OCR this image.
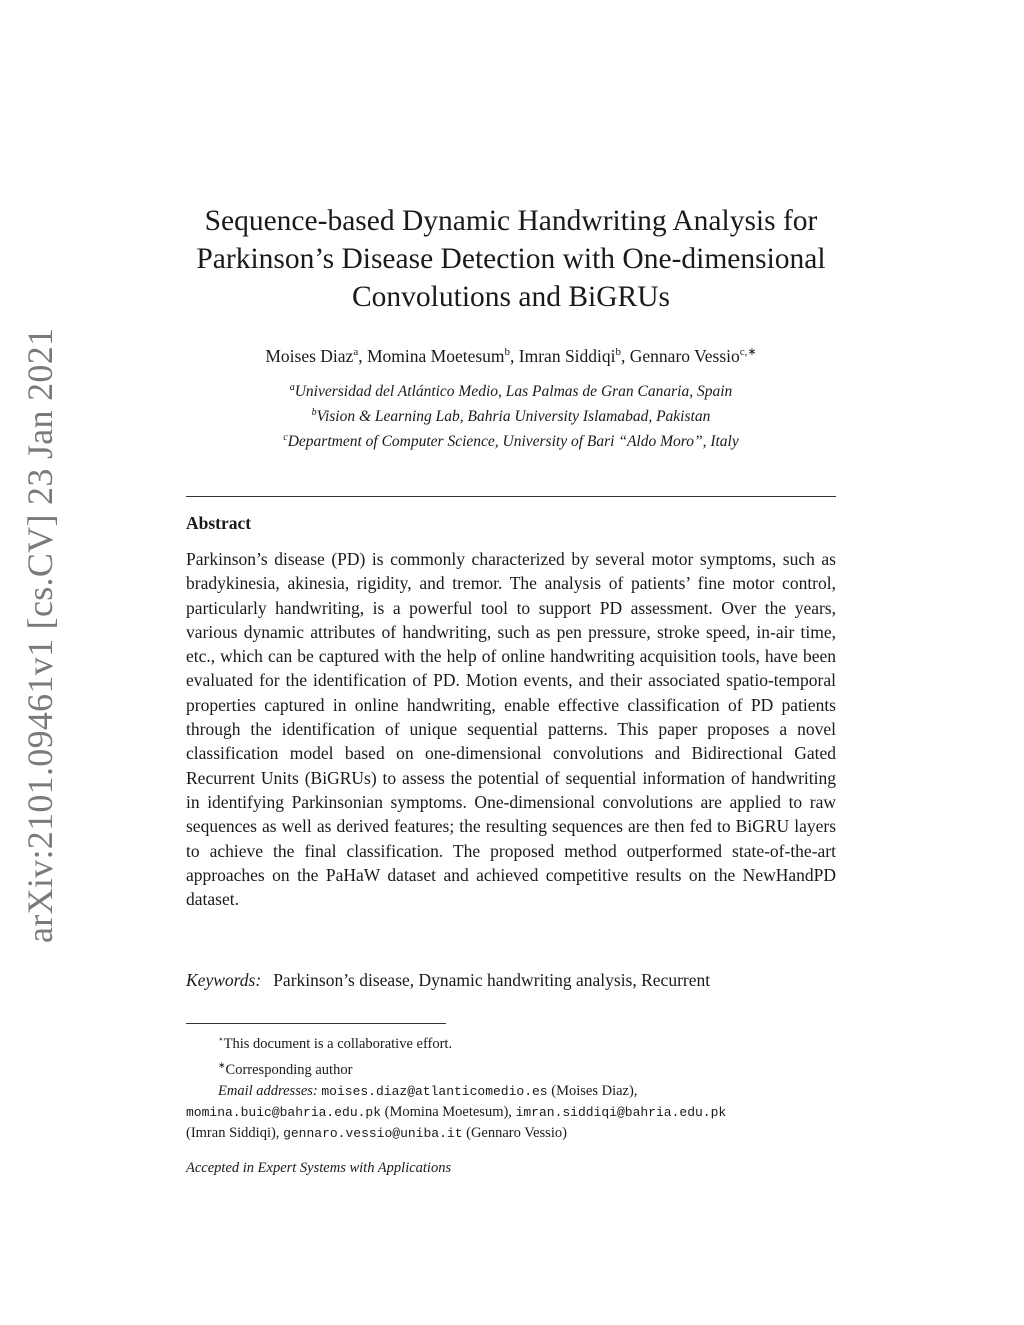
arXiv:2101.09461v1 [cs.CV] 23 Jan 2021
Sequence-based Dynamic Handwriting Analysis for
Parkinson’s Disease Detection with One-dimensional
Convolutions and BiGRUs
Moises Diaz$^a$, Momina Moetesum$^b$, Imran Siddiqi$^b$, Gennaro Vessio$^{c,∗}$
$^a$Universidad del Atlántico Medio, Las Palmas de Gran Canaria, Spain
$^b$Vision & Learning Lab, Bahria University Islamabad, Pakistan
$^c$Department of Computer Science, University of Bari “Aldo Moro”, Italy
Abstract
Parkinson’s disease (PD) is commonly characterized by several motor symptoms, such as bradykinesia, akinesia, rigidity, and tremor. The analysis of patients’ fine motor control, particularly handwriting, is a powerful tool to support PD assessment. Over the years, various dynamic attributes of handwriting, such as pen pressure, stroke speed, in-air time, etc., which can be captured with the help of online handwriting acquisition tools, have been evaluated for the identification of PD. Motion events, and their associated spatio-temporal properties captured in online handwriting, enable effective classification of PD patients through the identification of unique sequential patterns. This paper proposes a novel classification model based on one-dimensional convolutions and Bidirectional Gated Recurrent Units (BiGRUs) to assess the potential of sequential information of handwriting in identifying Parkinsonian symptoms. One-dimensional convolutions are applied to raw sequences as well as derived features; the resulting sequences are then fed to BiGRU layers to achieve the final classification. The proposed method outperformed state-of-the-art approaches on the PaHaW dataset and achieved competitive results on the NewHandPD dataset.
Keywords: Parkinson’s disease, Dynamic handwriting analysis, Recurrent
⋆This document is a collaborative effort.
∗Corresponding author
Email addresses: moises.diaz@atlanticomedio.es (Moises Diaz),
momina.buic@bahria.edu.pk (Momina Moetesum), imran.siddiqi@bahria.edu.pk
(Imran Siddiqi), gennaro.vessio@uniba.it (Gennaro Vessio)
Accepted in Expert Systems with Applications
